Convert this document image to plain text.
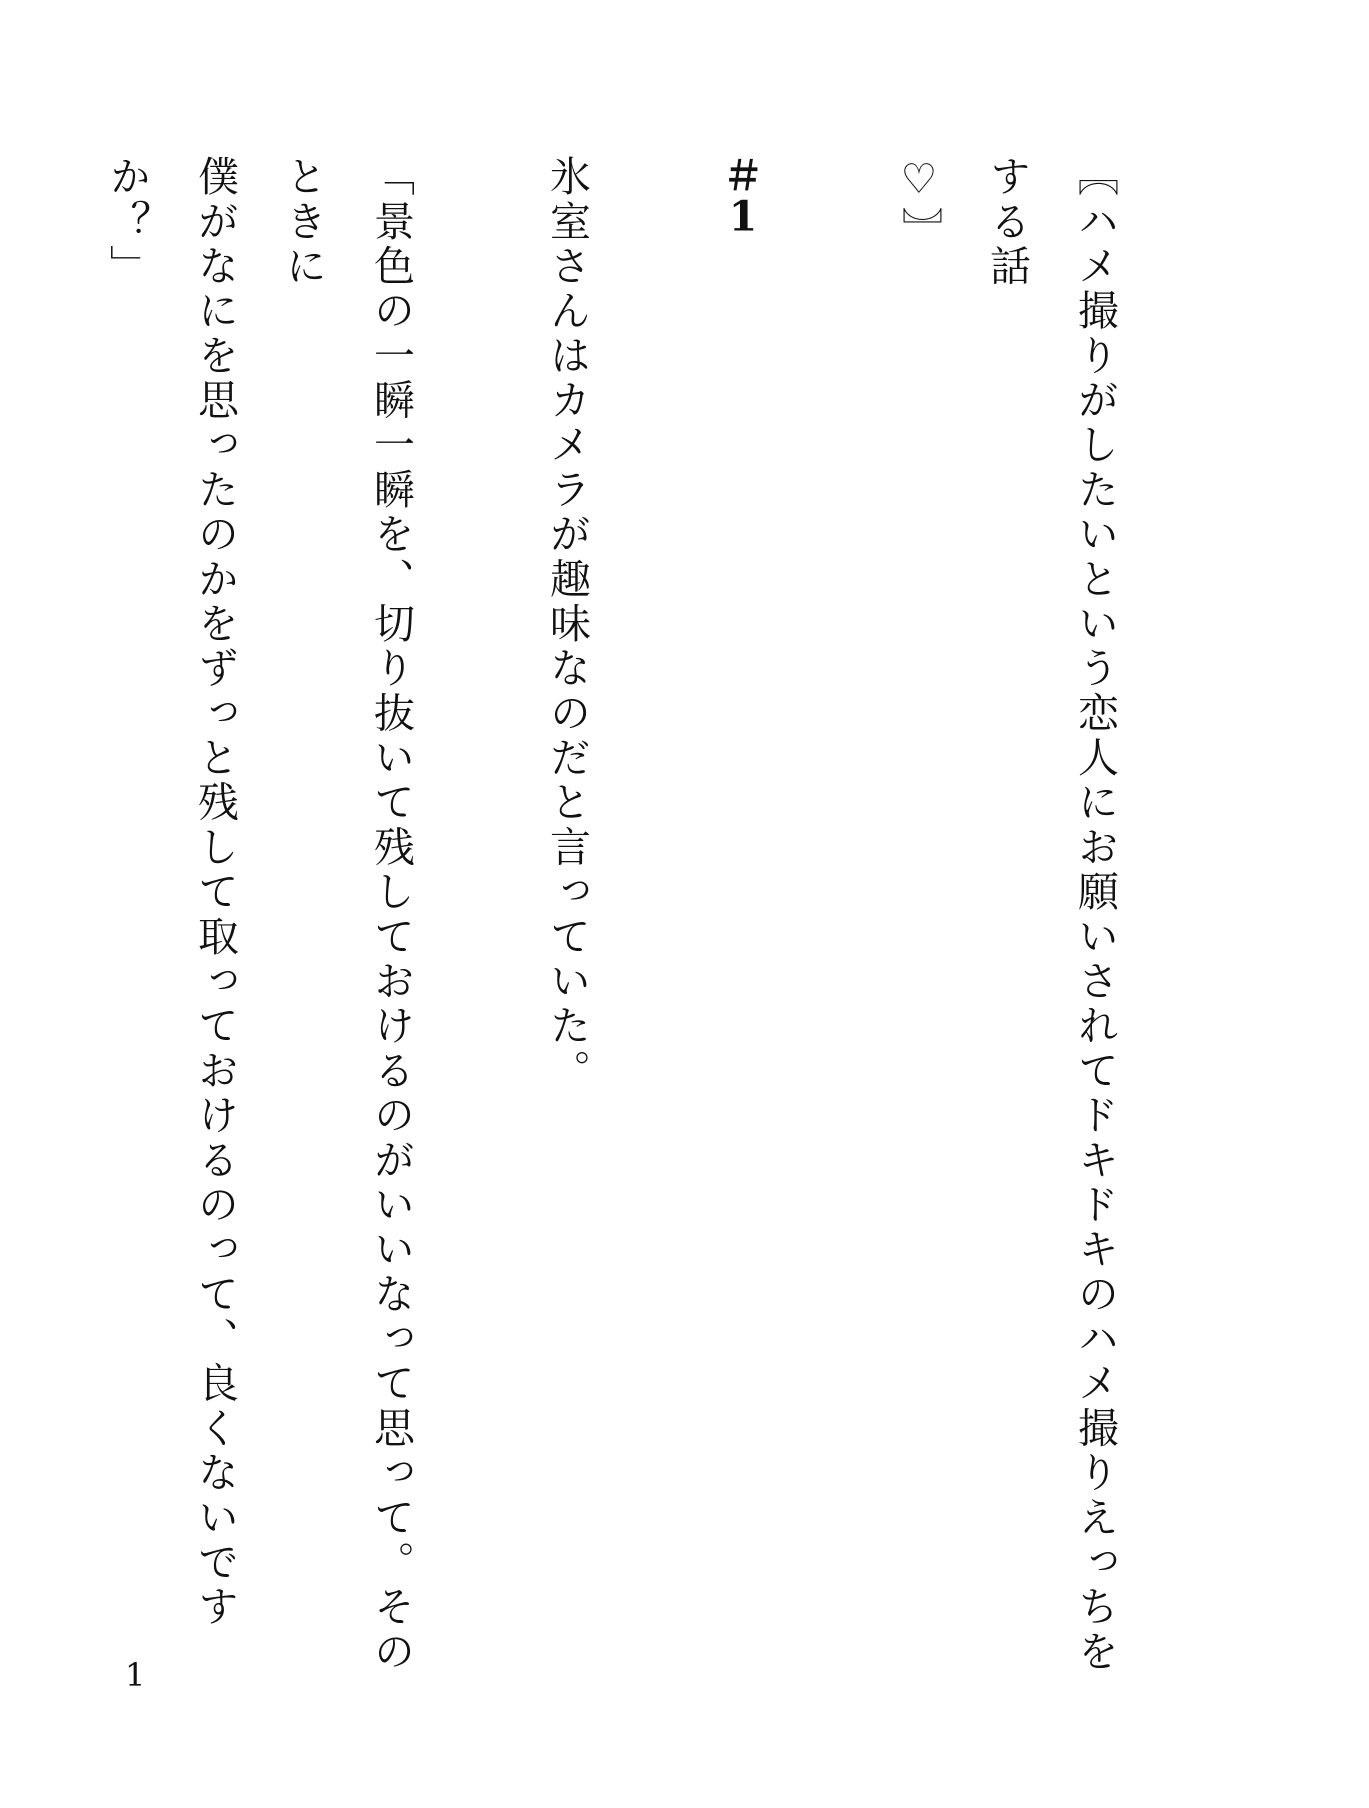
〖ハメ撮りがしたいという恋人にお願いされてドキドキのハメ撮りえっちをする話
♡〗
＃1
氷室さんはカメラが趣味なのだと言っていた。
「景色の一瞬一瞬を、切り抜いて残しておけるのがいいなって思って。そのときに
僕がなにを思ったのかをずっと残して取っておけるのって、良くないですか？」
1
